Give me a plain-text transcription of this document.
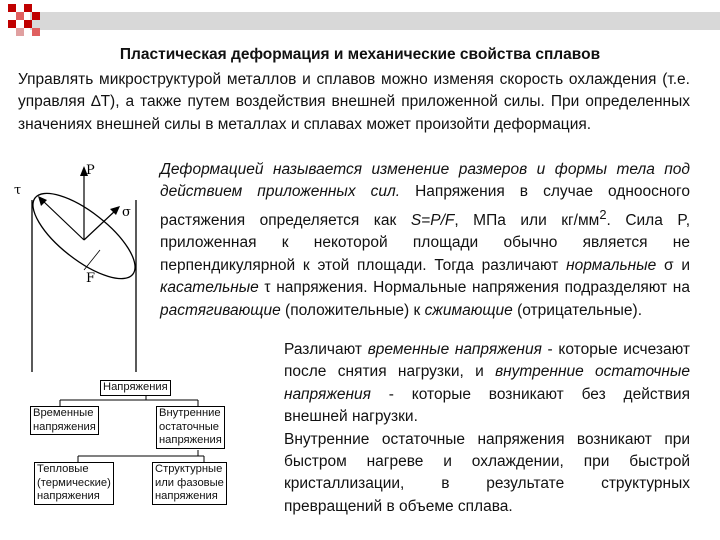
Пластическая деформация и механические свойства сплавов
Управлять микроструктурой металлов и сплавов можно изменяя скорость охлаждения (т.е. управляя ∆T), а также путем воздействия внешней приложенной силы. При определенных значениях внешней силы в металлах и сплавах может произойти деформация.
P
τ
σ
F
Деформацией называется изменение размеров и формы тела под действием приложенных сил. Напряжения в случае одноосного растяжения определяется как S=P/F, МПа или $кг/мм^2$. Сила P, приложенная к некоторой площади обычно является не перпендикулярной к этой площади. Тогда различают нормальные σ и касательные τ напряжения. Нормальные напряжения подразделяют на растягивающие (положительные) к сжимающие (отрицательные).
Различают временные напряжения - которые исчезают после снятия нагрузки, и внутренние остаточные напряжения - которые возникают без действия внешней нагрузки.
Внутренние остаточные напряжения возникают при быстром нагреве и охлаждении, при быстрой кристаллизации, в результате структурных превращений в объеме сплава.
Напряжения
Временные
напряжения
Внутренние
остаточные
напряжения
Тепловые
(термические)
напряжения
Структурные
или фазовые
напряжения
